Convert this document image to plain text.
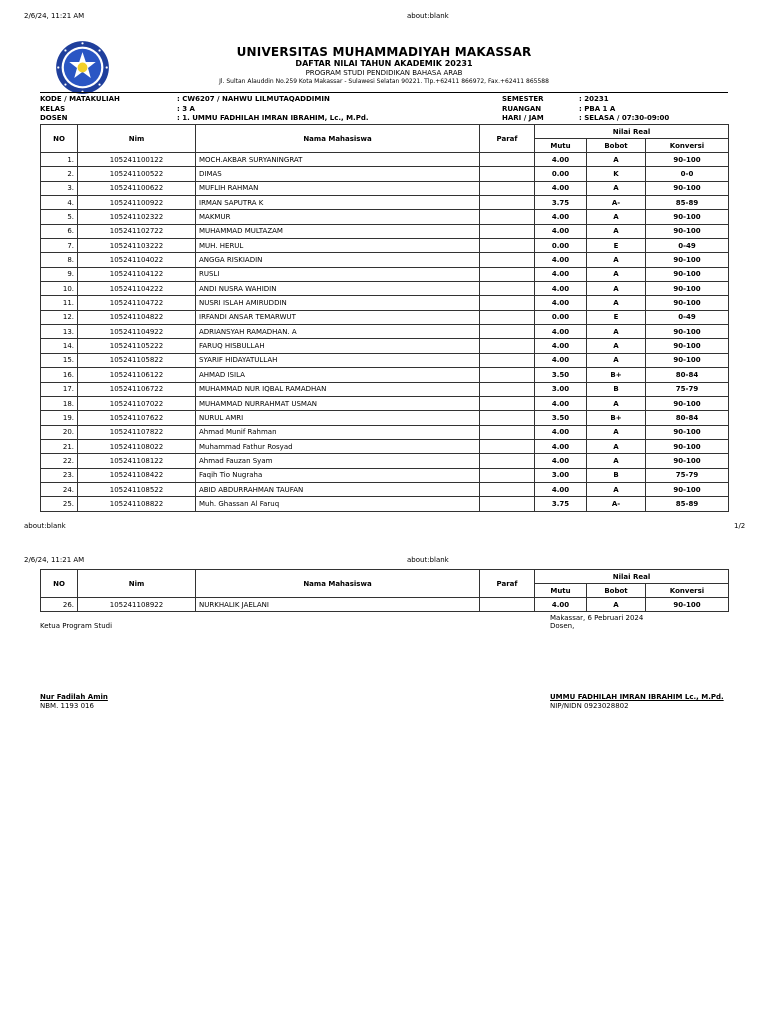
2/6/24, 11:21 AM	about:blank
UNIVERSITAS MUHAMMADIYAH MAKASSAR
DAFTAR NILAI TAHUN AKADEMIK 20231
PROGRAM STUDI PENDIDIKAN BAHASA ARAB
Jl. Sultan Alauddin No.259 Kota Makassar - Sulawesi Selatan 90221. Tlp.+62411 866972, Fax.+62411 865588
KODE / MATAKULIAH
KELAS
DOSEN
: CW6207 / NAHWU LILMUTAQADDIMIN
: 3 A
: 1. UMMU FADHILAH IMRAN IBRAHIM, Lc., M.Pd.
SEMESTER
RUANGAN
HARI / JAM
: 20231
: PBA 1 A
: SELASA / 07:30-09:00
NO	Nim	Nama Mahasiswa	Paraf	Nilai Real		
				Mutu	Bobot	Konversi
1.	105241100122	MOCH.AKBAR SURYANINGRAT		4.00	A	90-100
2.	105241100522	DIMAS		0.00	K	0-0
3.	105241100622	MUFLIH RAHMAN		4.00	A	90-100
4.	105241100922	IRMAN SAPUTRA K		3.75	A-	85-89
5.	105241102322	MAKMUR		4.00	A	90-100
6.	105241102722	MUHAMMAD MULTAZAM		4.00	A	90-100
7.	105241103222	MUH. HERUL		0.00	E	0-49
8.	105241104022	ANGGA RISKIADIN		4.00	A	90-100
9.	105241104122	RUSLI		4.00	A	90-100
10.	105241104222	ANDI NUSRA WAHIDIN		4.00	A	90-100
11.	105241104722	NUSRI ISLAH AMIRUDDIN		4.00	A	90-100
12.	105241104822	IRFANDI ANSAR TEMARWUT		0.00	E	0-49
13.	105241104922	ADRIANSYAH RAMADHAN. A		4.00	A	90-100
14.	105241105222	FARUQ HISBULLAH		4.00	A	90-100
15.	105241105822	SYARIF HIDAYATULLAH		4.00	A	90-100
16.	105241106122	AHMAD ISILA		3.50	B+	80-84
17.	105241106722	MUHAMMAD NUR IQBAL RAMADHAN		3.00	B	75-79
18.	105241107022	MUHAMMAD NURRAHMAT USMAN		4.00	A	90-100
19.	105241107622	NURUL AMRI		3.50	B+	80-84
20.	105241107822	Ahmad Munif Rahman		4.00	A	90-100
21.	105241108022	Muhammad Fathur Rosyad		4.00	A	90-100
22.	105241108122	Ahmad Fauzan Syam		4.00	A	90-100
23.	105241108422	Faqih Tio Nugraha		3.00	B	75-79
24.	105241108522	ABID ABDURRAHMAN TAUFAN		4.00	A	90-100
25.	105241108822	Muh. Ghassan Al Faruq		3.75	A-	85-89
about:blank	1/2
2/6/24, 11:21 AM	about:blank
NO	Nim	Nama Mahasiswa	Paraf	Nilai Real		
				Mutu	Bobot	Konversi
26.	105241108922	NURKHALIK JAELANI		4.00	A	90-100
Ketua Program Studi
Makassar, 6 Pebruari 2024
Dosen,
Nur Fadilah Amin
NBM. 1193 016
UMMU FADHILAH IMRAN IBRAHIM Lc., M.Pd.
NIP/NIDN 0923028802
